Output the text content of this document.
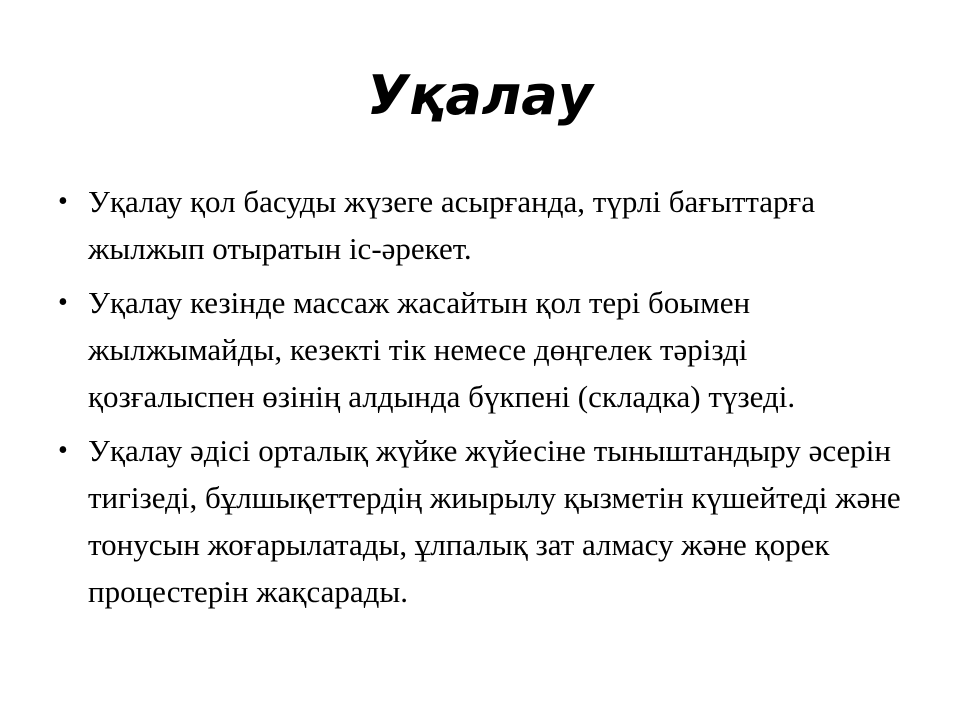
Уқалау
• Уқалау қол басуды жүзеге асырғанда, түрлі бағыттарға жылжып отыратын іс-әрекет.
• Уқалау кезінде массаж жасайтын қол тері боымен жылжымайды, кезекті тік немесе дөңгелек тәрізді қозғалыспен өзінің алдында бүкпені (складка) түзеді.
• Уқалау әдісі орталық жүйке жүйесіне тыныштандыру әсерін тигізеді, бұлшықеттердің жиырылу қызметін күшейтеді және тонусын жоғарылатады, ұлпалық зат алмасу және қорек процестерін жақсарады.
